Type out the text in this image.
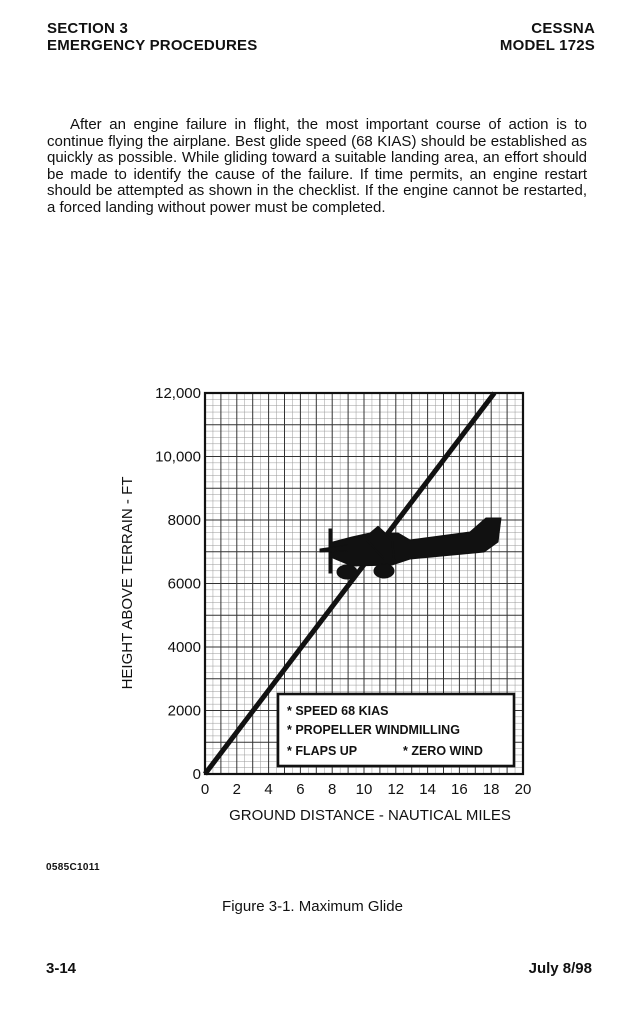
SECTION 3
EMERGENCY PROCEDURES
CESSNA
MODEL 172S
After an engine failure in flight, the most important course of action is to continue flying the airplane. Best glide speed (68 KIAS) should be established as quickly as possible. While gliding toward a suitable landing area, an effort should be made to identify the cause of the failure. If time permits, an engine restart should be attempted as shown in the checklist. If the engine cannot be restarted, a forced landing without power must be completed.
12,000
10,000
8000
6000
4000
2000
0
0 2 4 6 8 10 12 14 16 18 20
HEIGHT ABOVE TERRAIN - FT
GROUND DISTANCE - NAUTICAL MILES
* SPEED 68 KIAS
* PROPELLER WINDMILLING
* FLAPS UP	* ZERO WIND
0585C1011
Figure 3-1. Maximum Glide
3-14	July 8/98
